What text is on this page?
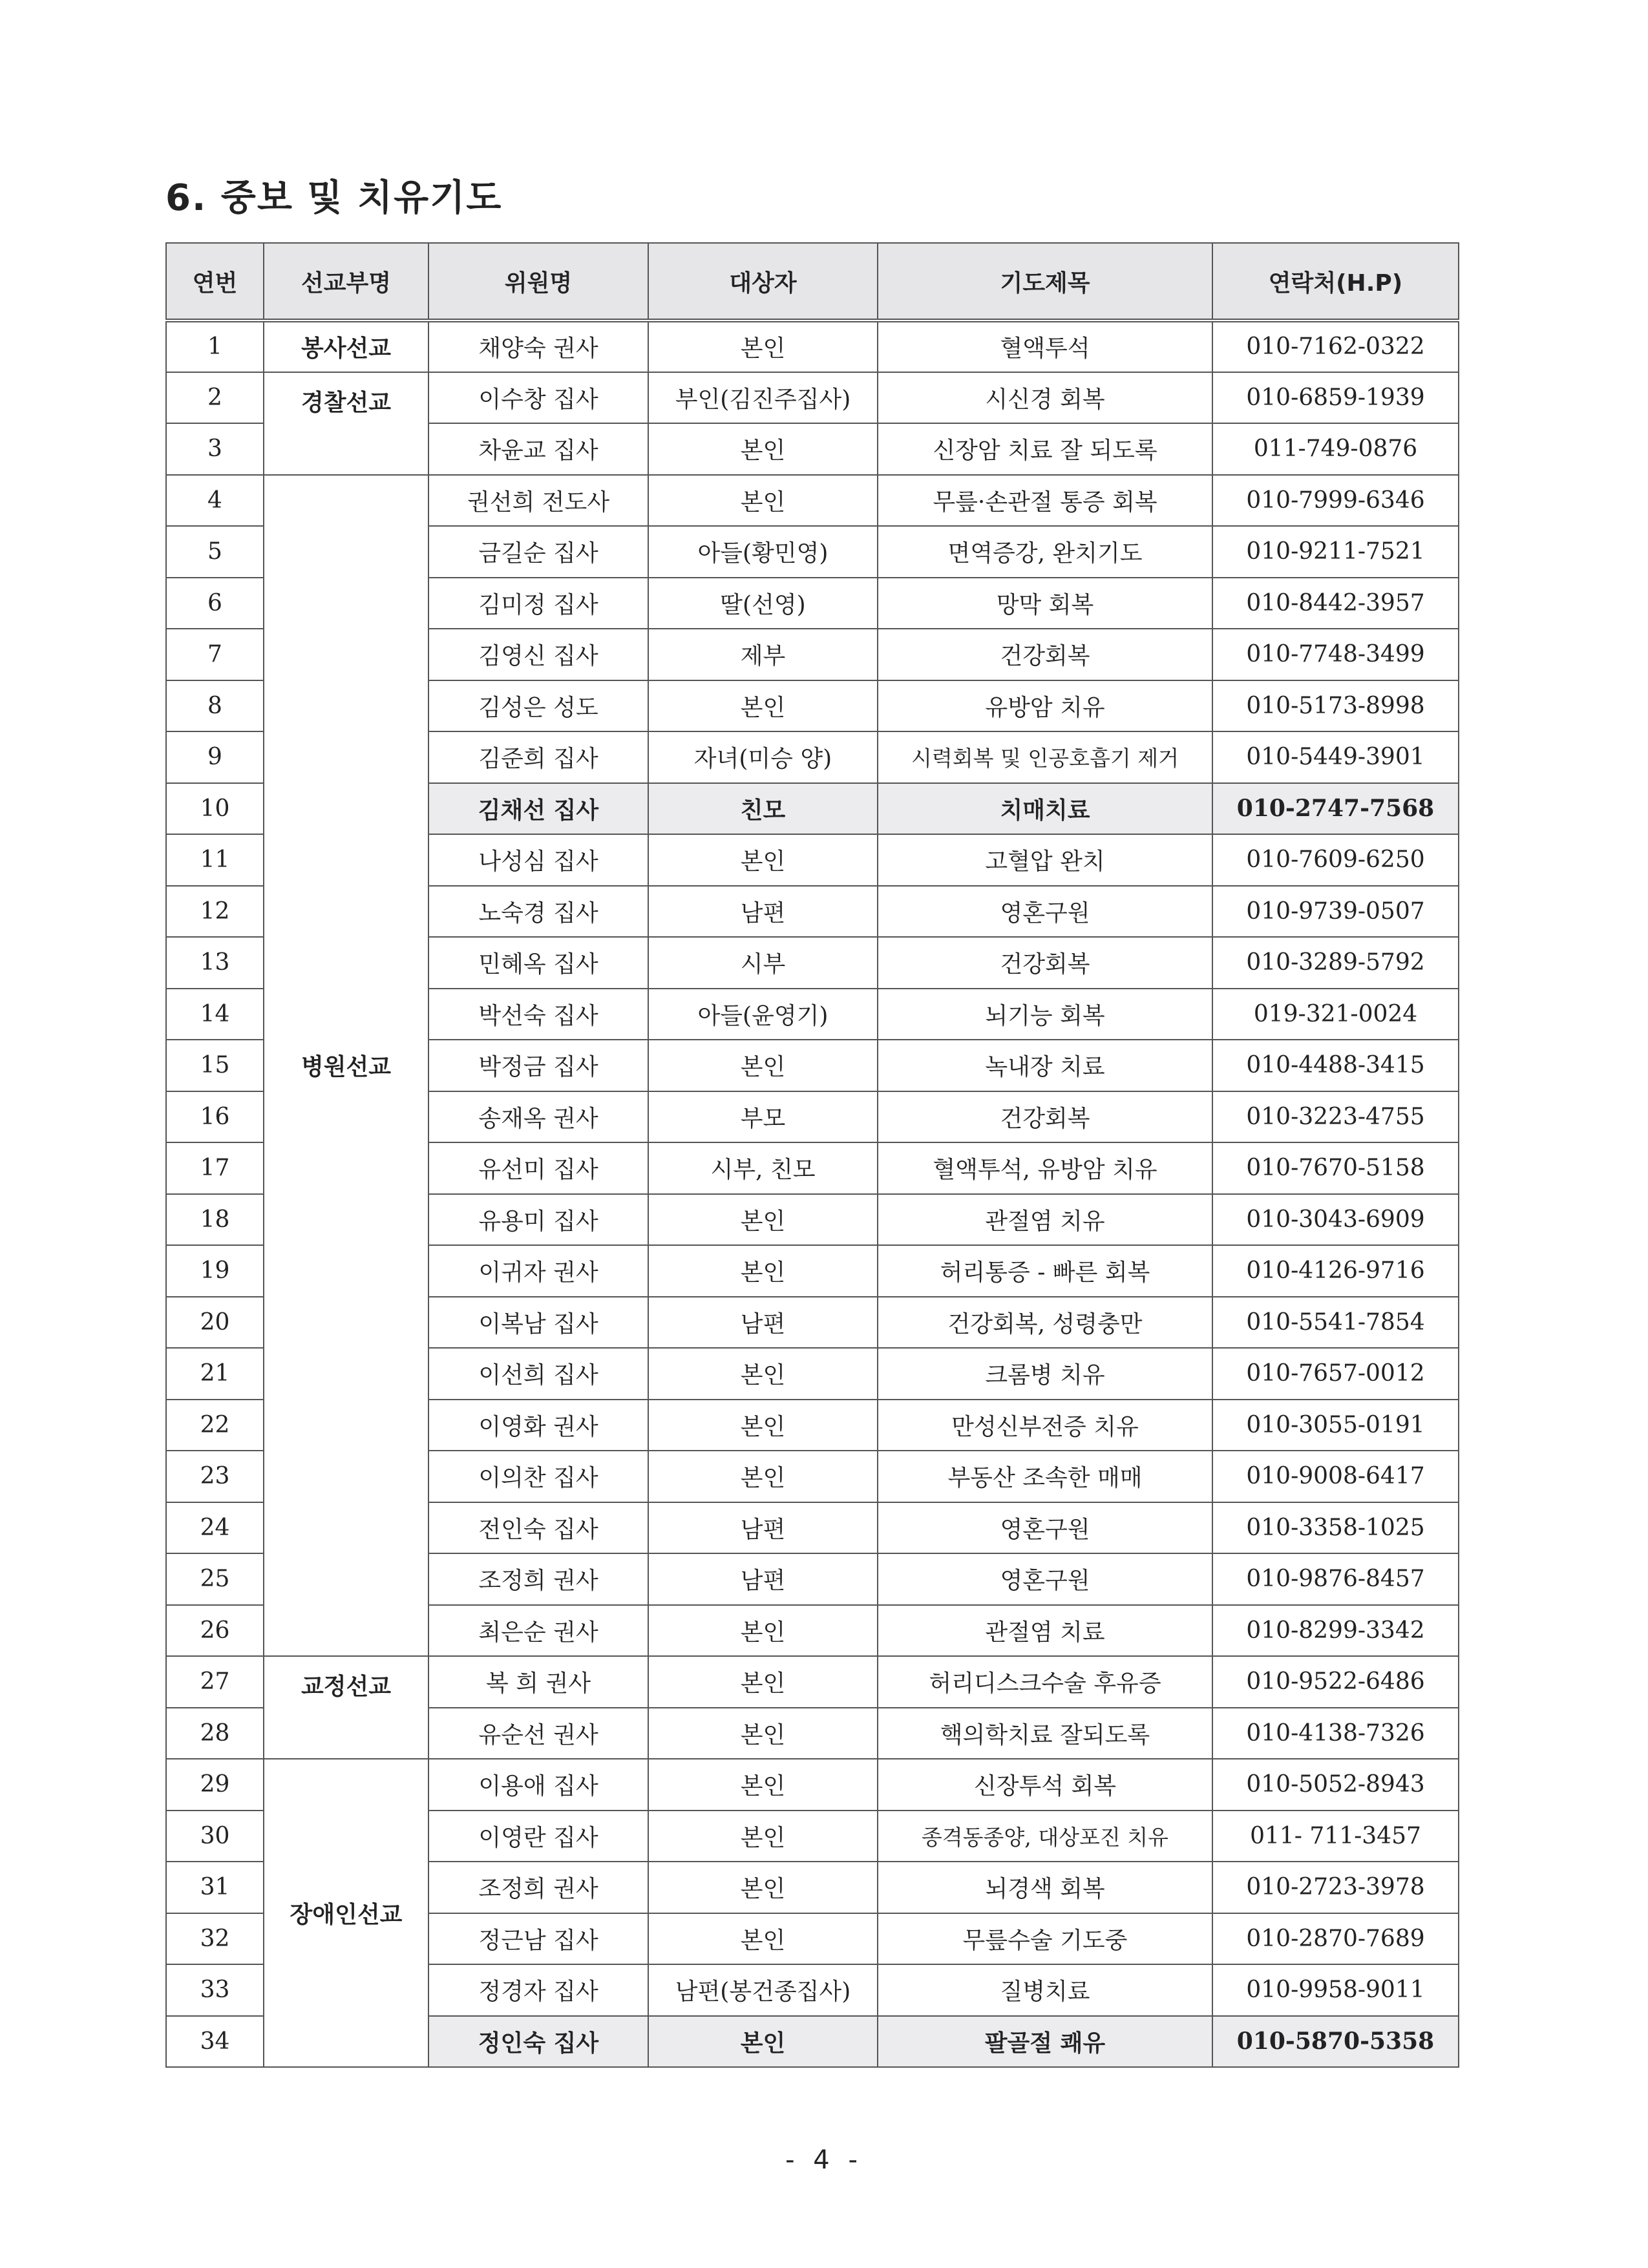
6. 중보 및 치유기도
연번	선교부명	위원명	대상자	기도제목	연락처(H.P)
1	봉사선교	채양숙 권사	본인	혈액투석	010-7162-0322
2	경찰선교	이수창 집사	부인(김진주집사)	시신경 회복	010-6859-1939
3		차윤교 집사	본인	신장암 치료 잘 되도록	011-749-0876
4	병원선교	권선희 전도사	본인	무릎·손관절 통증 회복	010-7999-6346
5		금길순 집사	아들(황민영)	면역증강, 완치기도	010-9211-7521
6		김미정 집사	딸(선영)	망막 회복	010-8442-3957
7		김영신 집사	제부	건강회복	010-7748-3499
8		김성은 성도	본인	유방암 치유	010-5173-8998
9		김준희 집사	자녀(미승 양)	시력회복 및 인공호흡기 제거	010-5449-3901
10		김채선 집사	친모	치매치료	010-2747-7568
11		나성심 집사	본인	고혈압 완치	010-7609-6250
12		노숙경 집사	남편	영혼구원	010-9739-0507
13		민혜옥 집사	시부	건강회복	010-3289-5792
14		박선숙 집사	아들(윤영기)	뇌기능 회복	019-321-0024
15		박정금 집사	본인	녹내장 치료	010-4488-3415
16		송재옥 권사	부모	건강회복	010-3223-4755
17		유선미 집사	시부, 친모	혈액투석, 유방암 치유	010-7670-5158
18		유용미 집사	본인	관절염 치유	010-3043-6909
19		이귀자 권사	본인	허리통증 - 빠른 회복	010-4126-9716
20		이복남 집사	남편	건강회복, 성령충만	010-5541-7854
21		이선희 집사	본인	크롬병 치유	010-7657-0012
22		이영화 권사	본인	만성신부전증 치유	010-3055-0191
23		이의찬 집사	본인	부동산 조속한 매매	010-9008-6417
24		전인숙 집사	남편	영혼구원	010-3358-1025
25		조정희 권사	남편	영혼구원	010-9876-8457
26		최은순 권사	본인	관절염 치료	010-8299-3342
27	교정선교	복 희 권사	본인	허리디스크수술 후유증	010-9522-6486
28		유순선 권사	본인	핵의학치료 잘되도록	010-4138-7326
29	장애인선교	이용애 집사	본인	신장투석 회복	010-5052-8943
30		이영란 집사	본인	종격동종양, 대상포진 치유	011- 711-3457
31		조정희 권사	본인	뇌경색 회복	010-2723-3978
32		정근남 집사	본인	무릎수술 기도중	010-2870-7689
33		정경자 집사	남편(봉건종집사)	질병치료	010-9958-9011
34		정인숙 집사	본인	팔골절 쾌유	010-5870-5358
- 4 -
